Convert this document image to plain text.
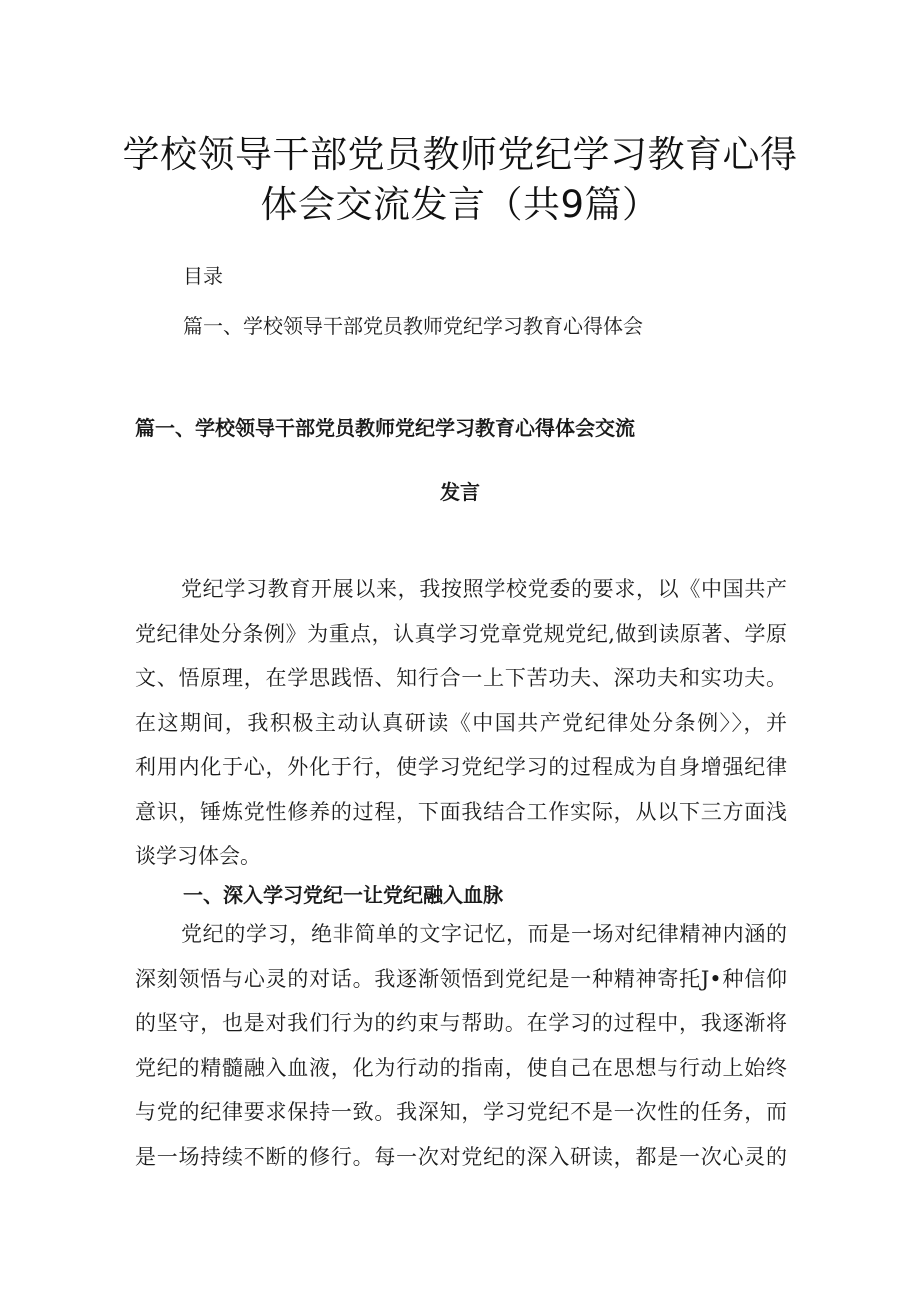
学校领导干部党员教师党纪学习教育心得
体会交流发言（共9篇）
目录
篇一、学校领导干部党员教师党纪学习教育心得体会
篇一、学校领导干部党员教师党纪学习教育心得体会交流
发言
党纪学习教育开展以来，我按照学校党委的要求，以《中国共产
党纪律处分条例》为重点，认真学习党章党规党纪,做到读原著、学原
文、悟原理，在学思践悟、知行合一上下苦功夫、深功夫和实功夫。
在这期间，我积极主动认真研读《中国共产党纪律处分条例〉〉，并
利用内化于心，外化于行，使学习党纪学习的过程成为自身增强纪律
意识，锤炼党性修养的过程，下面我结合工作实际，从以下三方面浅
谈学习体会。
一、深入学习党纪一让党纪融入血脉
党纪的学习，绝非简单的文字记忆，而是一场对纪律精神内涵的
深刻领悟与心灵的对话。我逐渐领悟到党纪是一种精神寄托J•种信仰
的坚守，也是对我们行为的约束与帮助。在学习的过程中，我逐渐将
党纪的精髓融入血液，化为行动的指南，使自己在思想与行动上始终
与党的纪律要求保持一致。我深知，学习党纪不是一次性的任务，而
是一场持续不断的修行。每一次对党纪的深入研读，都是一次心灵的
